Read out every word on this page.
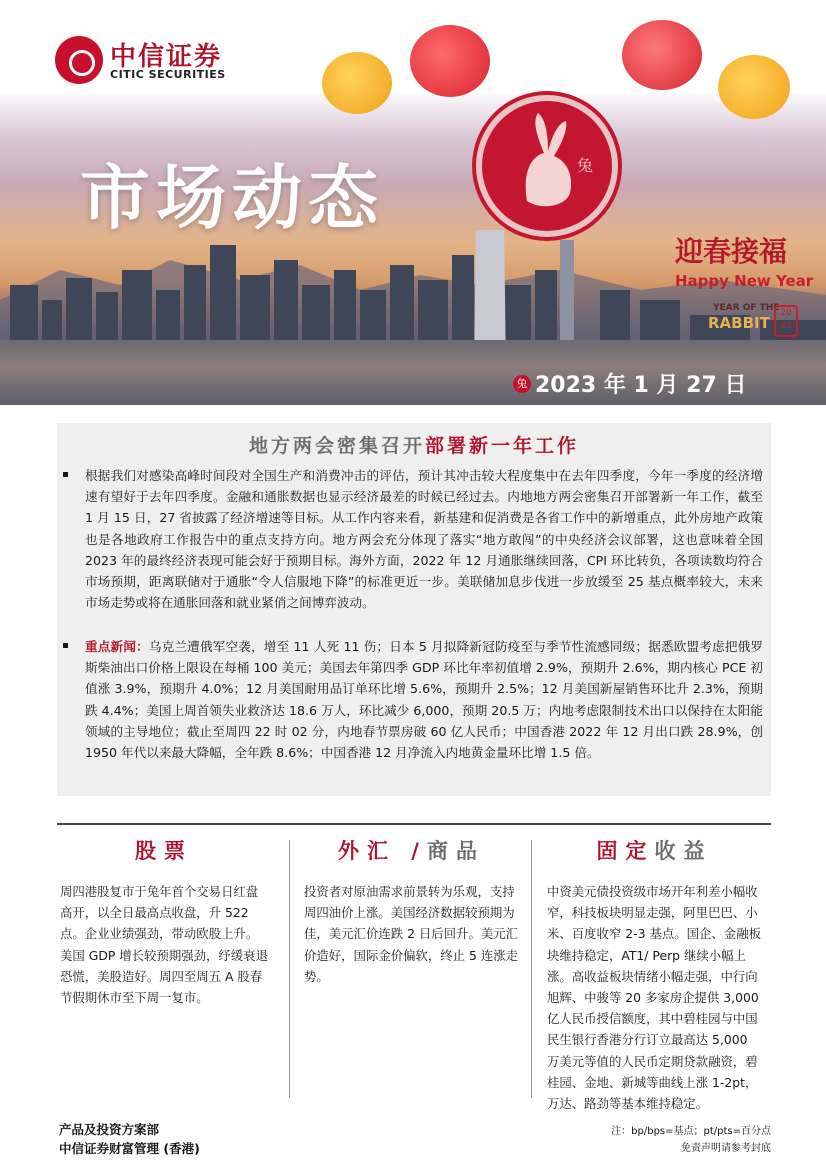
中信证券
CITIC SECURITIES
兔
市场动态
迎春接福
Happy New Year
YEAR OF THE
RABBIT
20 23
兔 2023 年 1 月 27 日
地方两会密集召开部署新一年工作
根据我们对感染高峰时间段对全国生产和消费冲击的评估，预计其冲击较大程度集中在去年四季度，今年一季度的经济增速有望好于去年四季度。金融和通胀数据也显示经济最差的时候已经过去。内地地方两会密集召开部署新一年工作，截至 1 月 15 日，27 省披露了经济增速等目标。从工作内容来看，新基建和促消费是各省工作中的新增重点，此外房地产政策也是各地政府工作报告中的重点支持方向。地方两会充分体现了落实“地方敢闯”的中央经济会议部署，这也意味着全国 2023 年的最终经济表现可能会好于预期目标。海外方面，2022 年 12 月通胀继续回落，CPI 环比转负，各项读数均符合市场预期，距离联储对于通胀“令人信服地下降”的标准更近一步。美联储加息步伐进一步放缓至 25 基点概率较大，未来市场走势或将在通胀回落和就业紧俏之间博弈波动。
重点新闻：乌克兰遭俄军空袭，增至 11 人死 11 伤；日本 5 月拟降新冠防疫至与季节性流感同级；据悉欧盟考虑把俄罗斯柴油出口价格上限设在每桶 100 美元；美国去年第四季 GDP 环比年率初值增 2.9%，预期升 2.6%，期内核心 PCE 初值涨 3.9%，预期升 4.0%；12 月美国耐用品订单环比增 5.6%，预期升 2.5%；12 月美国新屋销售环比升 2.3%，预期跌 4.4%；美国上周首领失业救济达 18.6 万人，环比减少 6,000，预期 20.5 万；内地考虑限制技术出口以保持在太阳能领域的主导地位；截止至周四 22 时 02 分，内地春节票房破 60 亿人民币；中国香港 2022 年 12 月出口跌 28.9%，创 1950 年代以来最大降幅，全年跌 8.6%；中国香港 12 月净流入内地黄金量环比增 1.5 倍。
股票
周四港股复市于兔年首个交易日红盘高开，以全日最高点收盘，升 522 点。企业业绩强劲，带动欧股上升。美国 GDP 增长较预期强劲，纾缓衰退恐慌，美股造好。周四至周五 A 股春节假期休市至下周一复市。
外汇 /商品
投资者对原油需求前景转为乐观，支持周四油价上涨。美国经济数据较预期为佳，美元汇价连跌 2 日后回升。美元汇价造好，国际金价偏软，终止 5 连涨走势。
固定收益
中资美元债投资级市场开年利差小幅收窄，科技板块明显走强，阿里巴巴、小米、百度收窄 2-3 基点。国企、金融板块维持稳定，AT1/ Perp 继续小幅上涨。高收益板块情绪小幅走强，中行向旭辉、中骏等 20 多家房企提供 3,000 亿人民币授信额度，其中碧桂园与中国民生银行香港分行订立最高达 5,000 万美元等值的人民币定期贷款融资，碧桂园、金地、新城等曲线上涨 1-2pt，万达、路劲等基本维持稳定。
产品及投资方案部
中信证券财富管理 (香港)
注：bp/bps=基点；pt/pts=百分点
免责声明请参考封底
